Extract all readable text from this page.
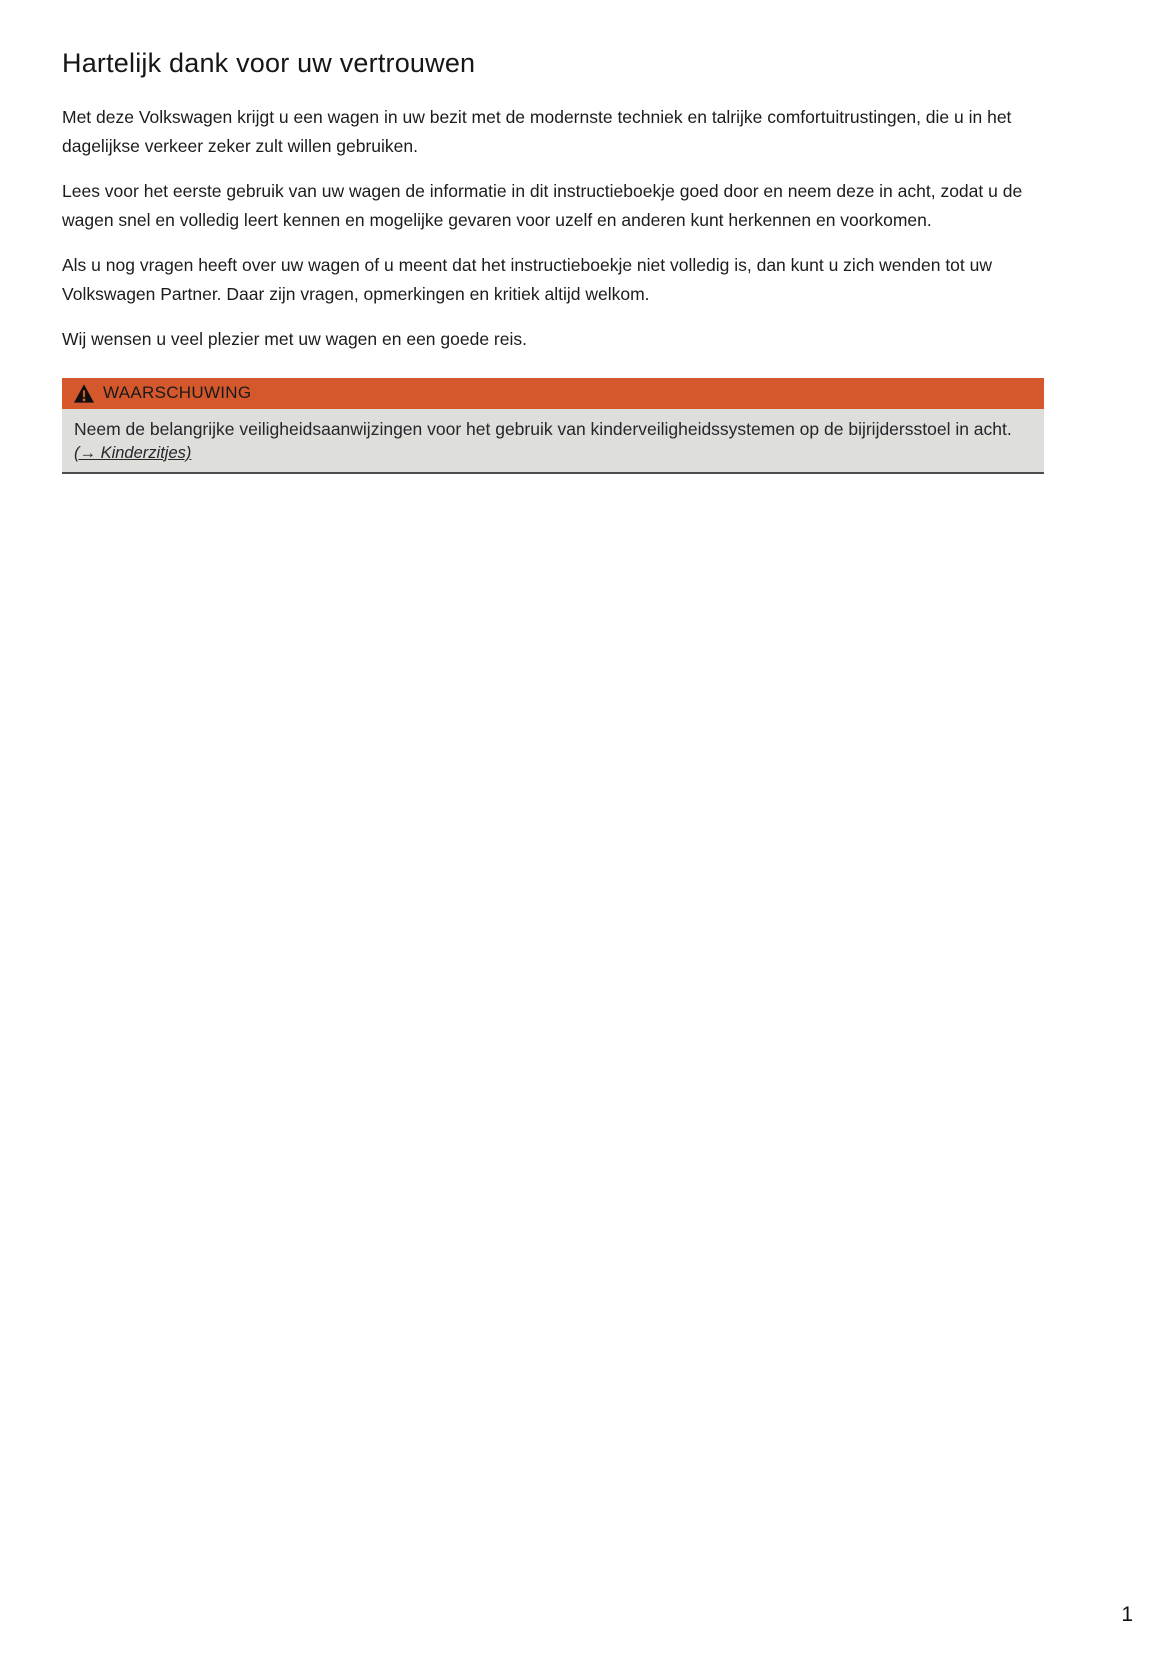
Hartelijk dank voor uw vertrouwen

Met deze Volkswagen krijgt u een wagen in uw bezit met de modernste techniek en talrijke comfortuitrustingen, die u in het dagelijkse verkeer zeker zult willen gebruiken.

Lees voor het eerste gebruik van uw wagen de informatie in dit instructieboekje goed door en neem deze in acht, zodat u de wagen snel en volledig leert kennen en mogelijke gevaren voor uzelf en anderen kunt herkennen en voorkomen.

Als u nog vragen heeft over uw wagen of u meent dat het instructieboekje niet volledig is, dan kunt u zich wenden tot uw Volkswagen Partner. Daar zijn vragen, opmerkingen en kritiek altijd welkom.

Wij wensen u veel plezier met uw wagen en een goede reis.

WAARSCHUWING
Neem de belangrijke veiligheidsaanwijzingen voor het gebruik van kinderveiligheidssystemen op de bijrijdersstoel in acht.
(→ Kinderzitjes)
1
